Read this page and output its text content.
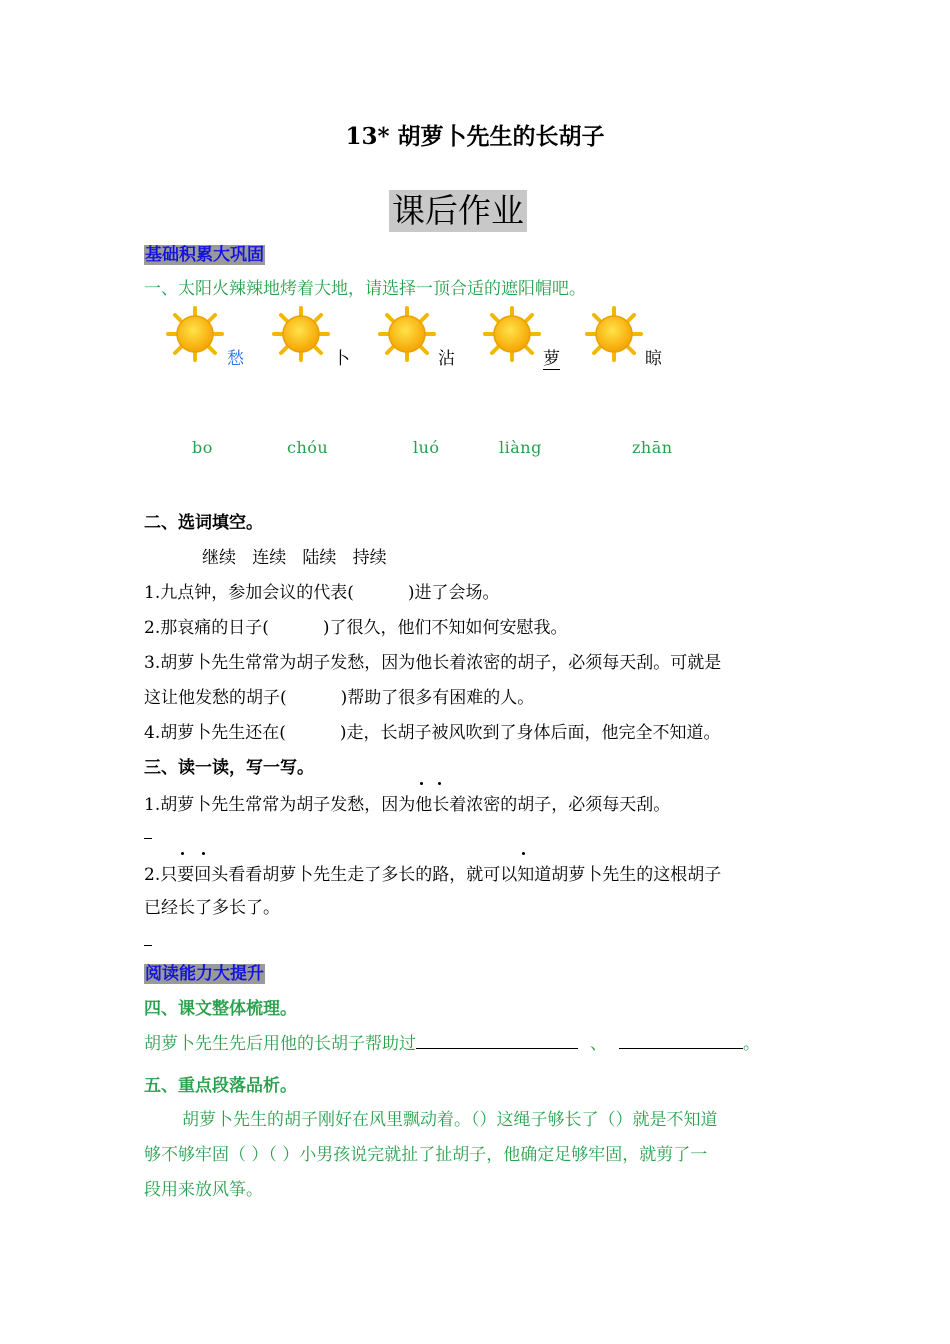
13* 胡萝卜先生的长胡子
课后作业
基础积累大巩固
一、太阳火辣辣地烤着大地，请选择一顶合适的遮阳帽吧。
愁	卜	沾	萝	晾
bo	chóu	luó	liàng	zhān
二、选词填空。
继续   连续   陆续   持续
1.九点钟，参加会议的代表(          )进了会场。
2.那哀痛的日子(          )了很久，他们不知如何安慰我。
3.胡萝卜先生常常为胡子发愁，因为他长着浓密的胡子，必须每天刮。可就是
这让他发愁的胡子(          )帮助了很多有困难的人。
4.胡萝卜先生还在(          )走，长胡子被风吹到了身体后面，他完全不知道。
三、读一读，写一写。
1.胡萝卜先生常常为胡子发愁，因为他长着浓密的胡子，必须每天刮。
2.只要回头看看胡萝卜先生走了多长的路，就可以知道胡萝卜先生的这根胡子
已经长了多长了。
阅读能力大提升
四、课文整体梳理。
胡萝卜先生先后用他的长胡子帮助过	、	。
五、重点段落品析。
胡萝卜先生的胡子刚好在风里飘动着。（）这绳子够长了（）就是不知道
够不够牢固（ ）（ ）小男孩说完就扯了扯胡子，他确定足够牢固，就剪了一
段用来放风筝。
